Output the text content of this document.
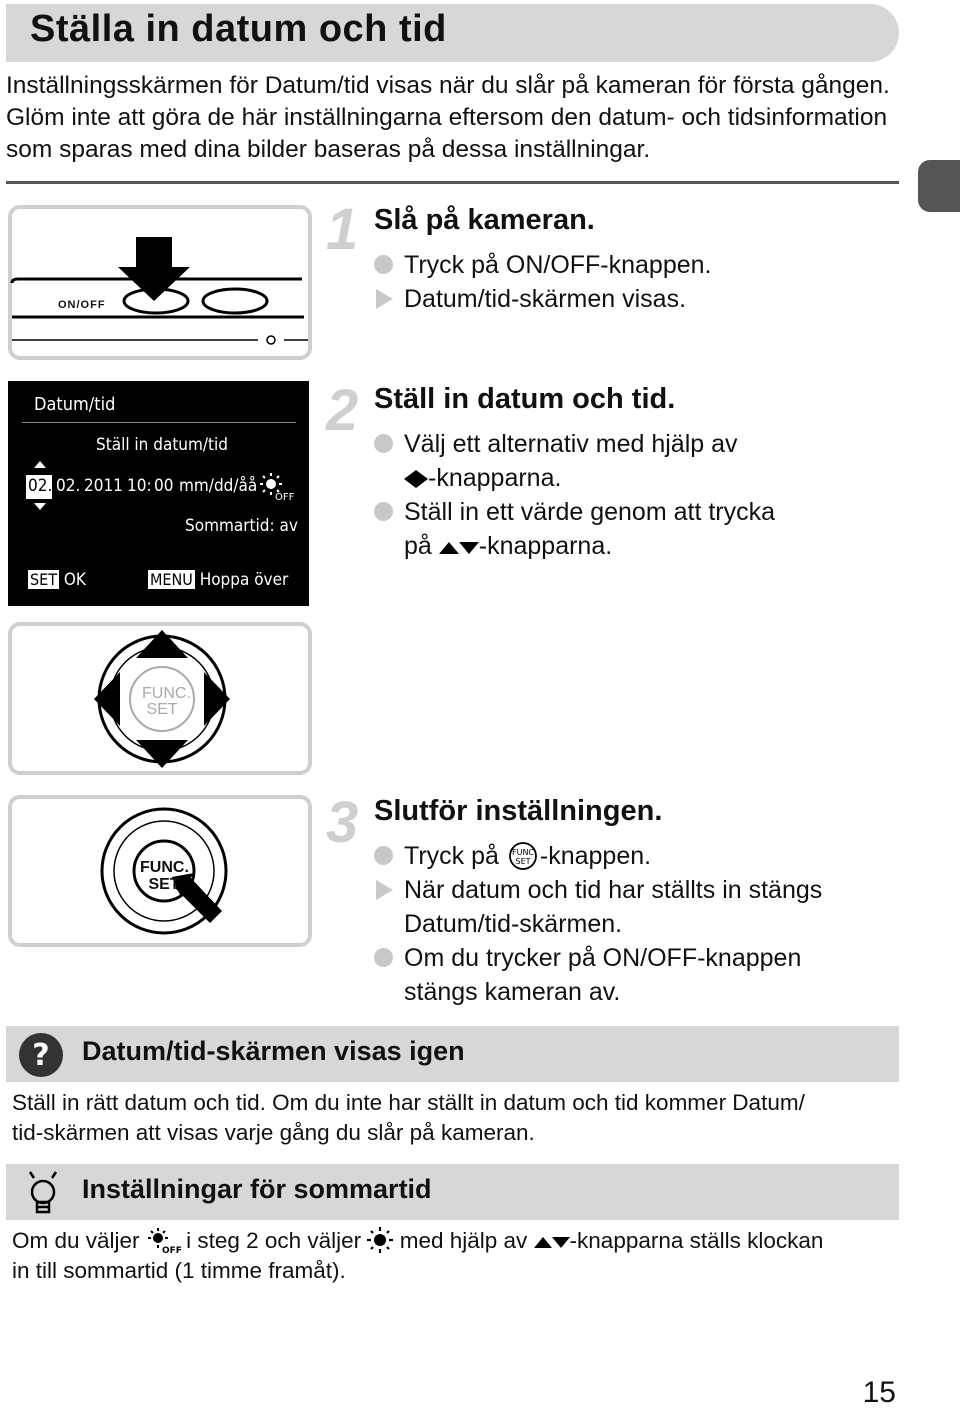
Ställa in datum och tid
Inställningsskärmen för Datum/tid visas när du slår på kameran för första gången. Glöm inte att göra de här inställningarna eftersom den datum- och tidsinformation som sparas med dina bilder baseras på dessa inställningar.
ON/OFF
Datum/tid
Ställ in datum/tid
02. 02. 2011 10: 00 mm/dd/åå
OFF
Sommartid: av
SET OK	MENU Hoppa över
FUNC.
SET
FUNC.
SET
1 Slå på kameran.
Tryck på ON/OFF-knappen.
Datum/tid-skärmen visas.
2 Ställ in datum och tid.
Välj ett alternativ med hjälp av
-knapparna.
Ställ in ett värde genom att trycka
på -knapparna.
3 Slutför inställningen.
Tryck på FUNC
SET -knappen.
När datum och tid har ställts in stängs
Datum/tid-skärmen.
Om du trycker på ON/OFF-knappen
stängs kameran av.
? Datum/tid-skärmen visas igen
Ställ in rätt datum och tid. Om du inte har ställt in datum och tid kommer Datum/
tid-skärmen att visas varje gång du slår på kameran.
Inställningar för sommartid
Om du väljer OFF i steg 2 och väljer med hjälp av -knapparna ställs klockan
in till sommartid (1 timme framåt).
15
